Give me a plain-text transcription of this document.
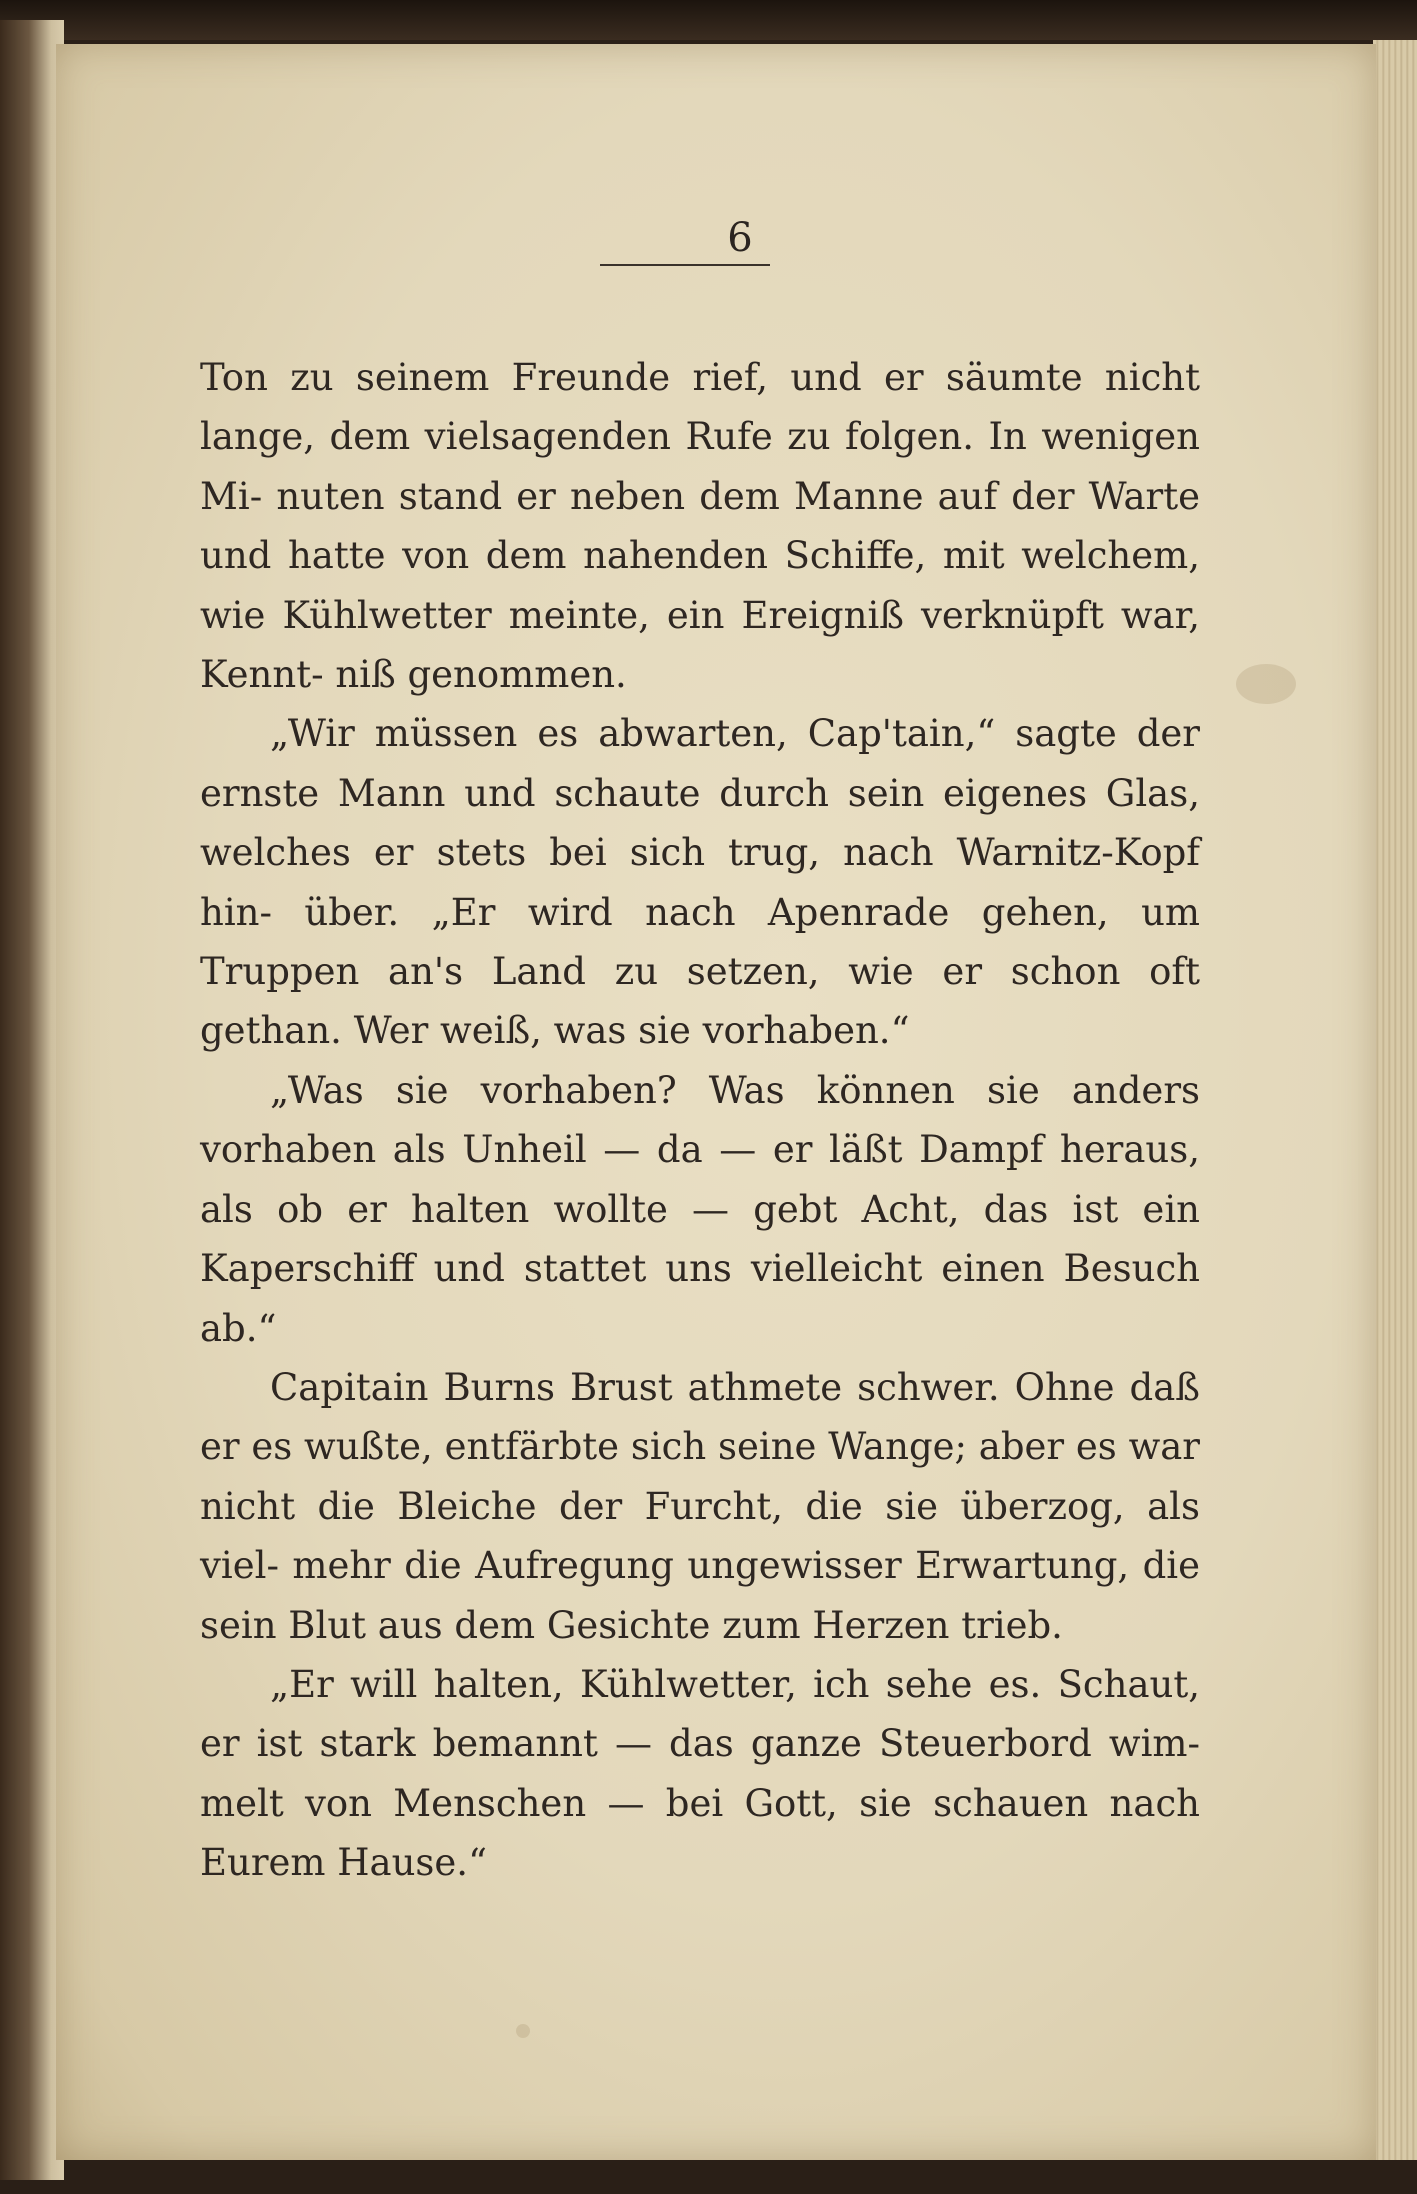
6

Ton zu seinem Freunde rief, und er säumte nicht lange, dem vielsagenden Rufe zu folgen. In wenigen Mi- nuten stand er neben dem Manne auf der Warte und hatte von dem nahenden Schiffe, mit welchem, wie Kühlwetter meinte, ein Ereigniß verknüpft war, Kennt- niß genommen.

„Wir müssen es abwarten, Cap'tain,“ sagte der ernste Mann und schaute durch sein eigenes Glas, welches er stets bei sich trug, nach Warnitz-Kopf hin- über. „Er wird nach Apenrade gehen, um Truppen an's Land zu setzen, wie er schon oft gethan. Wer weiß, was sie vorhaben.“

„Was sie vorhaben? Was können sie anders vorhaben als Unheil — da — er läßt Dampf heraus, als ob er halten wollte — gebt Acht, das ist ein Kaperschiff und stattet uns vielleicht einen Besuch ab.“

Capitain Burns Brust athmete schwer. Ohne daß er es wußte, entfärbte sich seine Wange; aber es war nicht die Bleiche der Furcht, die sie überzog, als viel- mehr die Aufregung ungewisser Erwartung, die sein Blut aus dem Gesichte zum Herzen trieb.

„Er will halten, Kühlwetter, ich sehe es. Schaut, er ist stark bemannt — das ganze Steuerbord wim- melt von Menschen — bei Gott, sie schauen nach Eurem Hause.“
